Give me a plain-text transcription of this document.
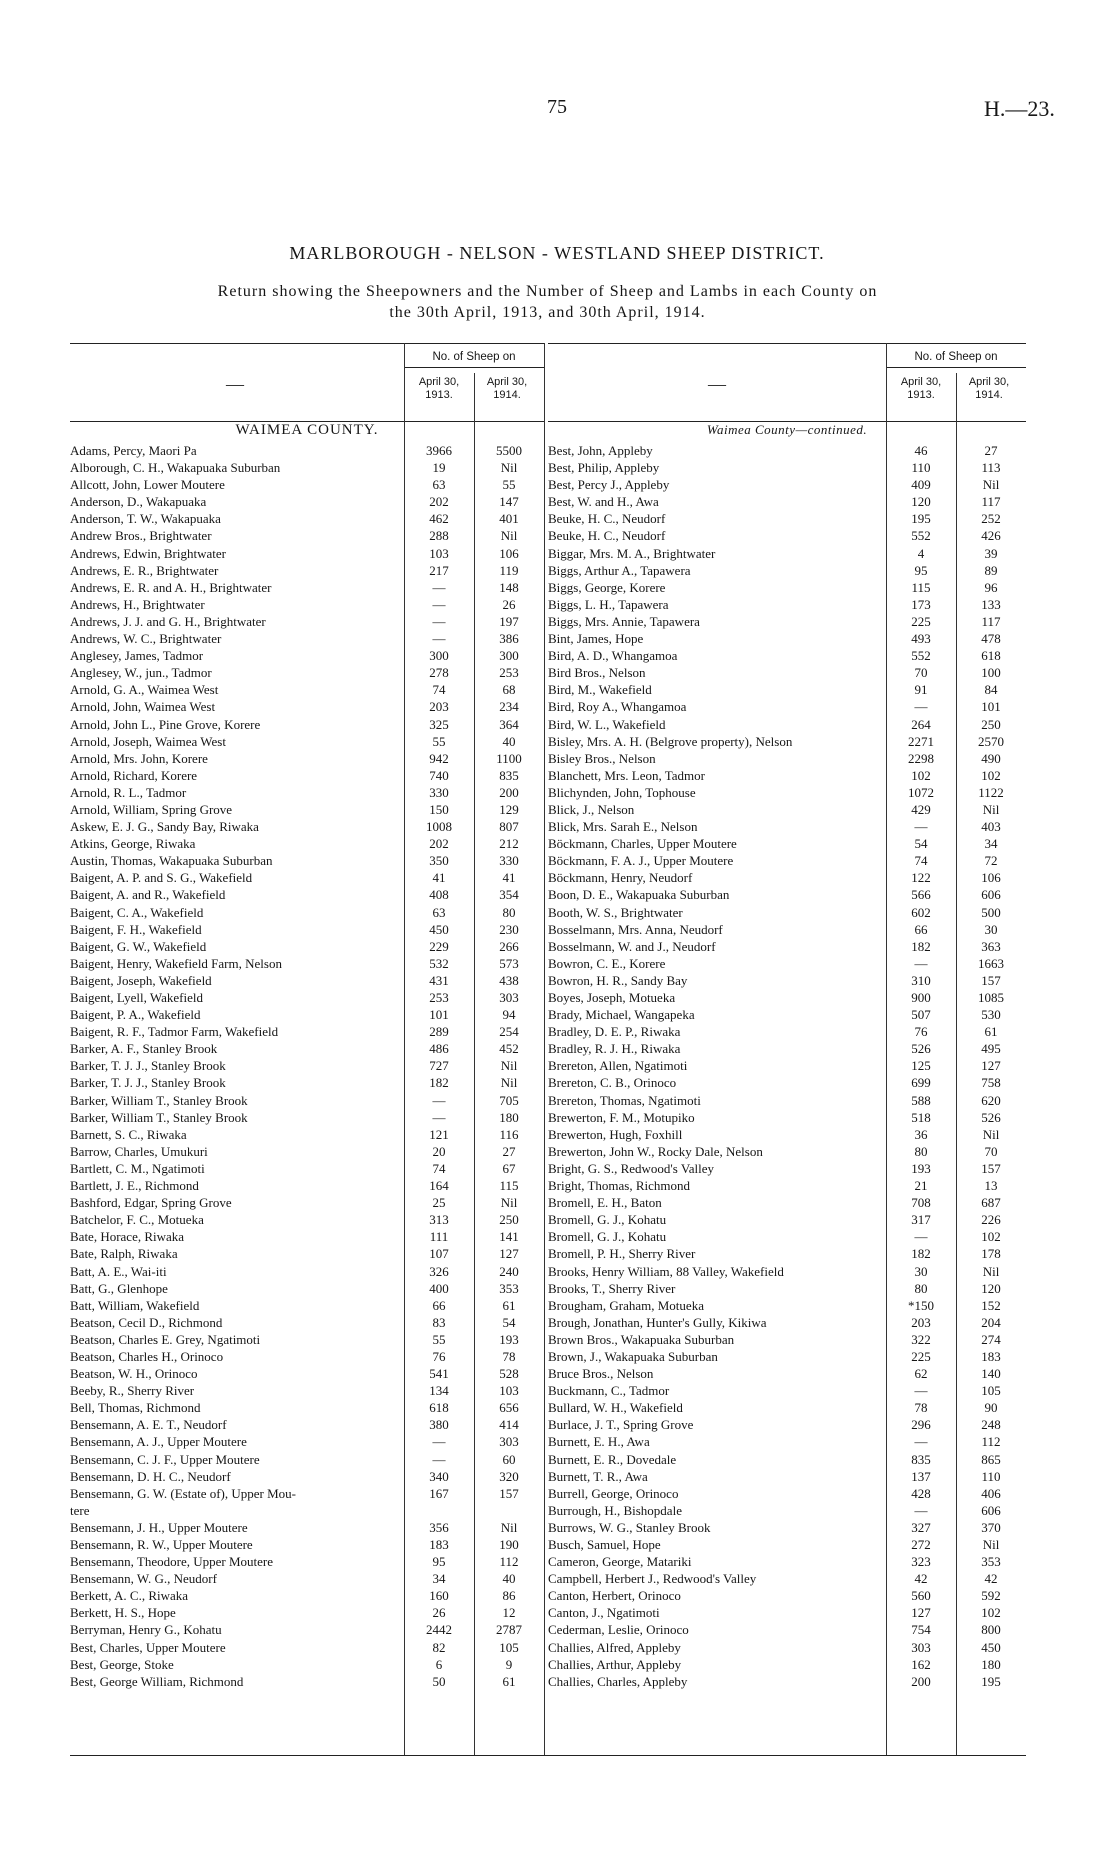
75	H.—23.
MARLBOROUGH - NELSON - WESTLAND SHEEP DISTRICT.
Return showing the Sheepowners and the Number of Sheep and Lambs in each County on
the 30th April, 1913, and 30th April, 1914.
—
No. of Sheep on
April 30, 1913.
April 30, 1914.
WAIMEA COUNTY.
Adams, Percy, Maori Pa	3966	5500
Alborough, C. H., Wakapuaka Suburban	19	Nil
Allcott, John, Lower Moutere	63	55
Anderson, D., Wakapuaka	202	147
Anderson, T. W., Wakapuaka	462	401
Andrew Bros., Brightwater	288	Nil
Andrews, Edwin, Brightwater	103	106
Andrews, E. R., Brightwater	217	119
Andrews, E. R. and A. H., Brightwater	—	148
Andrews, H., Brightwater	—	26
Andrews, J. J. and G. H., Brightwater	—	197
Andrews, W. C., Brightwater	—	386
Anglesey, James, Tadmor	300	300
Anglesey, W., jun., Tadmor	278	253
Arnold, G. A., Waimea West	74	68
Arnold, John, Waimea West	203	234
Arnold, John L., Pine Grove, Korere	325	364
Arnold, Joseph, Waimea West	55	40
Arnold, Mrs. John, Korere	942	1100
Arnold, Richard, Korere	740	835
Arnold, R. L., Tadmor	330	200
Arnold, William, Spring Grove	150	129
Askew, E. J. G., Sandy Bay, Riwaka	1008	807
Atkins, George, Riwaka	202	212
Austin, Thomas, Wakapuaka Suburban	350	330
Baigent, A. P. and S. G., Wakefield	41	41
Baigent, A. and R., Wakefield	408	354
Baigent, C. A., Wakefield	63	80
Baigent, F. H., Wakefield	450	230
Baigent, G. W., Wakefield	229	266
Baigent, Henry, Wakefield Farm, Nelson	532	573
Baigent, Joseph, Wakefield	431	438
Baigent, Lyell, Wakefield	253	303
Baigent, P. A., Wakefield	101	94
Baigent, R. F., Tadmor Farm, Wakefield	289	254
Barker, A. F., Stanley Brook	486	452
Barker, T. J. J., Stanley Brook	727	Nil
Barker, T. J. J., Stanley Brook	182	Nil
Barker, William T., Stanley Brook	—	705
Barker, William T., Stanley Brook	—	180
Barnett, S. C., Riwaka	121	116
Barrow, Charles, Umukuri	20	27
Bartlett, C. M., Ngatimoti	74	67
Bartlett, J. E., Richmond	164	115
Bashford, Edgar, Spring Grove	25	Nil
Batchelor, F. C., Motueka	313	250
Bate, Horace, Riwaka	111	141
Bate, Ralph, Riwaka	107	127
Batt, A. E., Wai-iti	326	240
Batt, G., Glenhope	400	353
Batt, William, Wakefield	66	61
Beatson, Cecil D., Richmond	83	54
Beatson, Charles E. Grey, Ngatimoti	55	193
Beatson, Charles H., Orinoco	76	78
Beatson, W. H., Orinoco	541	528
Beeby, R., Sherry River	134	103
Bell, Thomas, Richmond	618	656
Bensemann, A. E. T., Neudorf	380	414
Bensemann, A. J., Upper Moutere	—	303
Bensemann, C. J. F., Upper Moutere	—	60
Bensemann, D. H. C., Neudorf	340	320
Bensemann, G. W. (Estate of), Upper Mou-	167	157
tere
Bensemann, J. H., Upper Moutere	356	Nil
Bensemann, R. W., Upper Moutere	183	190
Bensemann, Theodore, Upper Moutere	95	112
Bensemann, W. G., Neudorf	34	40
Berkett, A. C., Riwaka	160	86
Berkett, H. S., Hope	26	12
Berryman, Henry G., Kohatu	2442	2787
Best, Charles, Upper Moutere	82	105
Best, George, Stoke	6	9
Best, George William, Richmond	50	61
—
No. of Sheep on
April 30, 1913.
April 30, 1914.
Waimea County—continued.
Best, John, Appleby	46	27
Best, Philip, Appleby	110	113
Best, Percy J., Appleby	409	Nil
Best, W. and H., Awa	120	117
Beuke, H. C., Neudorf	195	252
Beuke, H. C., Neudorf	552	426
Biggar, Mrs. M. A., Brightwater	4	39
Biggs, Arthur A., Tapawera	95	89
Biggs, George, Korere	115	96
Biggs, L. H., Tapawera	173	133
Biggs, Mrs. Annie, Tapawera	225	117
Bint, James, Hope	493	478
Bird, A. D., Whangamoa	552	618
Bird Bros., Nelson	70	100
Bird, M., Wakefield	91	84
Bird, Roy A., Whangamoa	—	101
Bird, W. L., Wakefield	264	250
Bisley, Mrs. A. H. (Belgrove property), Nelson	2271	2570
Bisley Bros., Nelson	2298	490
Blanchett, Mrs. Leon, Tadmor	102	102
Blichynden, John, Tophouse	1072	1122
Blick, J., Nelson	429	Nil
Blick, Mrs. Sarah E., Nelson	—	403
Böckmann, Charles, Upper Moutere	54	34
Böckmann, F. A. J., Upper Moutere	74	72
Böckmann, Henry, Neudorf	122	106
Boon, D. E., Wakapuaka Suburban	566	606
Booth, W. S., Brightwater	602	500
Bosselmann, Mrs. Anna, Neudorf	66	30
Bosselmann, W. and J., Neudorf	182	363
Bowron, C. E., Korere	—	1663
Bowron, H. R., Sandy Bay	310	157
Boyes, Joseph, Motueka	900	1085
Brady, Michael, Wangapeka	507	530
Bradley, D. E. P., Riwaka	76	61
Bradley, R. J. H., Riwaka	526	495
Brereton, Allen, Ngatimoti	125	127
Brereton, C. B., Orinoco	699	758
Brereton, Thomas, Ngatimoti	588	620
Brewerton, F. M., Motupiko	518	526
Brewerton, Hugh, Foxhill	36	Nil
Brewerton, John W., Rocky Dale, Nelson	80	70
Bright, G. S., Redwood's Valley	193	157
Bright, Thomas, Richmond	21	13
Bromell, E. H., Baton	708	687
Bromell, G. J., Kohatu	317	226
Bromell, G. J., Kohatu	—	102
Bromell, P. H., Sherry River	182	178
Brooks, Henry William, 88 Valley, Wakefield	30	Nil
Brooks, T., Sherry River	80	120
Brougham, Graham, Motueka	*150	152
Brough, Jonathan, Hunter's Gully, Kikiwa	203	204
Brown Bros., Wakapuaka Suburban	322	274
Brown, J., Wakapuaka Suburban	225	183
Bruce Bros., Nelson	62	140
Buckmann, C., Tadmor	—	105
Bullard, W. H., Wakefield	78	90
Burlace, J. T., Spring Grove	296	248
Burnett, E. H., Awa	—	112
Burnett, E. R., Dovedale	835	865
Burnett, T. R., Awa	137	110
Burrell, George, Orinoco	428	406
Burrough, H., Bishopdale	—	606
Burrows, W. G., Stanley Brook	327	370
Busch, Samuel, Hope	272	Nil
Cameron, George, Matariki	323	353
Campbell, Herbert J., Redwood's Valley	42	42
Canton, Herbert, Orinoco	560	592
Canton, J., Ngatimoti	127	102
Cederman, Leslie, Orinoco	754	800
Challies, Alfred, Appleby	303	450
Challies, Arthur, Appleby	162	180
Challies, Charles, Appleby	200	195
